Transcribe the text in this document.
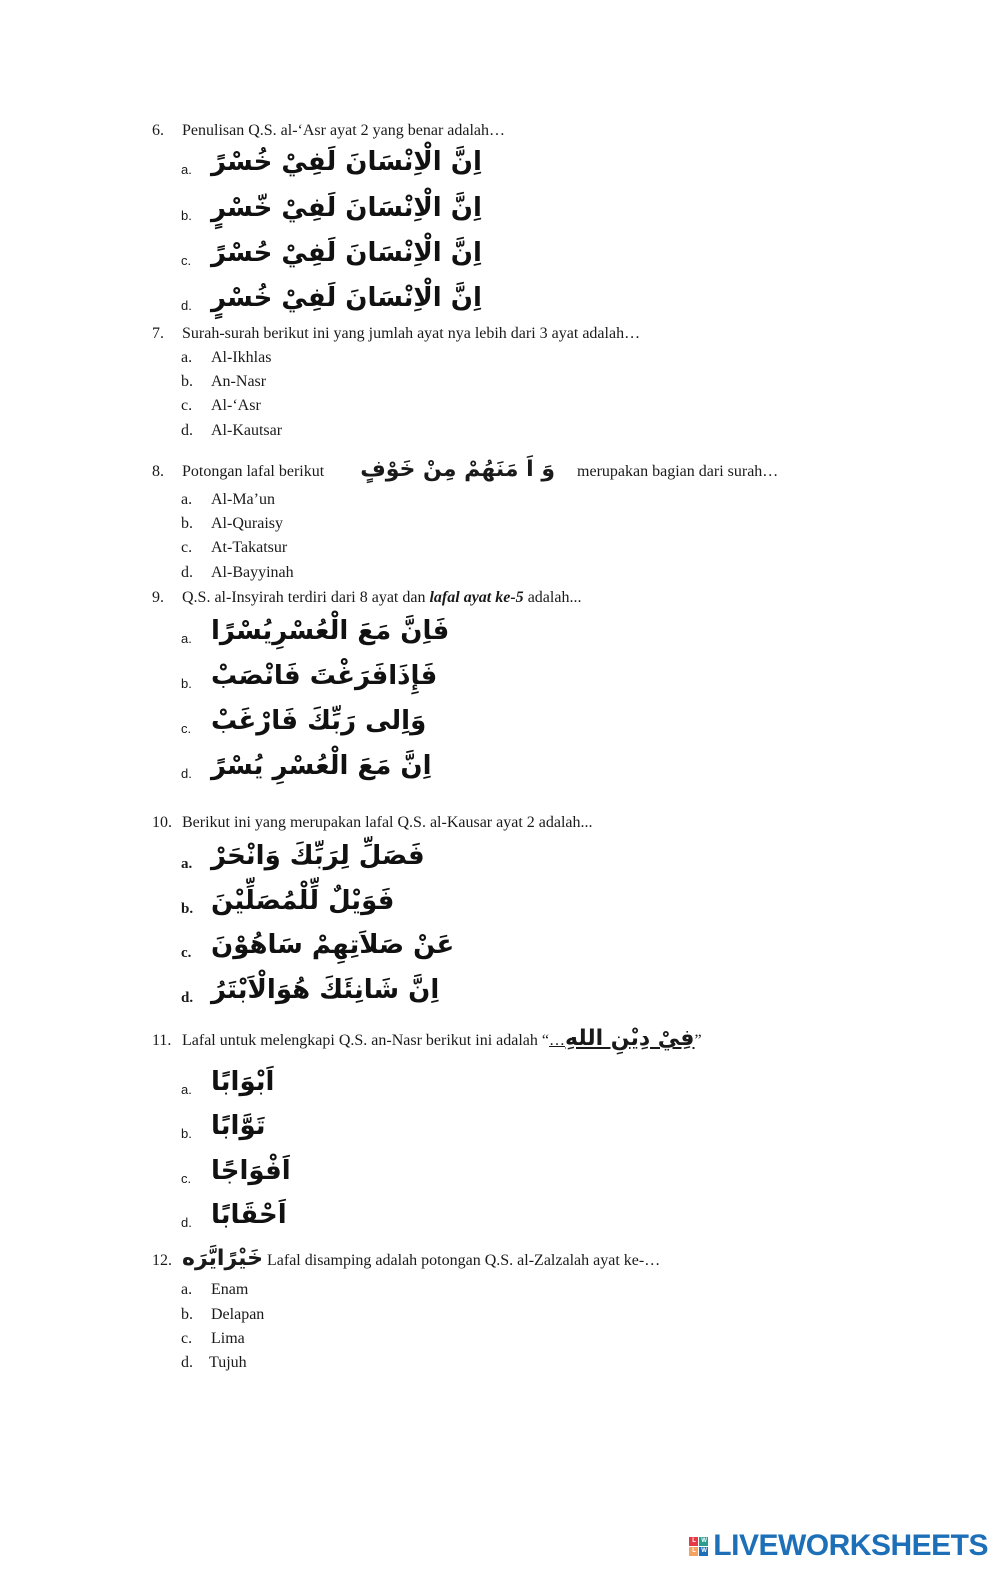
6. Penulisan Q.S. al-‘Asr ayat 2 yang benar adalah…
a. اِنَّ الْاِنْسَانَ لَفِيْ خُسْرً
b. اِنَّ الْاِنْسَانَ لَفِيْ خّسْرٍ
c. اِنَّ الْاِنْسَانَ لَفِيْ حُسْرً
d. اِنَّ الْاِنْسَانَ لَفِيْ خُسْرٍ
7. Surah-surah berikut ini yang jumlah ayat nya lebih dari 3 ayat adalah…
a. Al-Ikhlas
b. An-Nasr
c. Al-‘Asr
d. Al-Kautsar
8. Potongan lafal berikut وَ اَ مَنَهُمْ مِنْ خَوْفٍ merupakan bagian dari surah…
a. Al-Ma’un
b. Al-Quraisy
c. At-Takatsur
d. Al-Bayyinah
9. Q.S. al-Insyirah terdiri dari 8 ayat dan lafal ayat ke-5 adalah...
a. فَاِنَّ مَعَ الْعُسْرِيُسْرًا
b. فَإِذَافَرَغْتَ فَانْصَبْ
c. وَاِلى رَبِّكَ فَارْغَبْ
d. اِنَّ مَعَ الْعُسْرِ يُسْرً
10. Berikut ini yang merupakan lafal Q.S. al-Kausar ayat 2 adalah...
a. فَصَلِّ لِرَبِّكَ وَانْحَرْ
b. فَوَيْلٌ لِّلْمُصَلِّيْنَ
c. عَنْ صَلاَتِهِمْ سَاهُوْنَ
d. اِنَّ شَانِئَكَ هُوَالْاَبْتَرُ
11. Lafal untuk melengkapi Q.S. an-Nasr berikut ini adalah “…فِيْ دِيْنِ اللهِ”
a. اَبْوَابًا
b. تَوَّابًا
c. اَفْوَاجًا
d. اَحْقَابًا
12. خَيْرًايَّرَه Lafal disamping adalah potongan Q.S. al-Zalzalah ayat ke-…
a. Enam
b. Delapan
c. Lima
d. Tujuh
L W
L W LIVEWORKSHEETS
